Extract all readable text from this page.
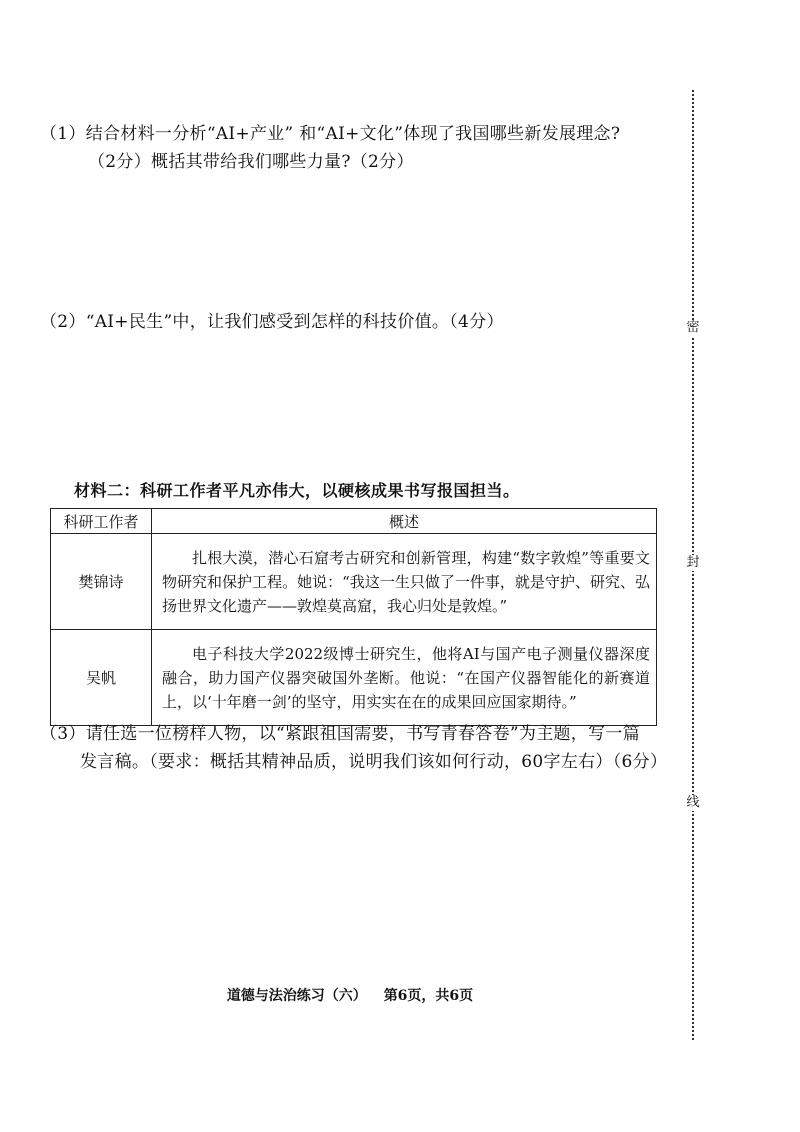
密
封
线
（1）结合材料一分析“AI+产业” 和“AI+文化”体现了我国哪些新发展理念?
（2分）概括其带给我们哪些力量?（2分）
（2）“AI+民生”中，让我们感受到怎样的科技价值。（4分）
材料二：科研工作者平凡亦伟大，以硬核成果书写报国担当。
科研工作者	概述
樊锦诗	扎根大漠，潜心石窟考古研究和创新管理，构建“数字敦煌”等重要文物研究和保护工程。她说：“我这一生只做了一件事，就是守护、研究、弘扬世界文化遗产——敦煌莫高窟，我心归处是敦煌。”
吴帆	电子科技大学2022级博士研究生，他将AI与国产电子测量仪器深度融合，助力国产仪器突破国外垄断。他说：“在国产仪器智能化的新赛道上，以‘十年磨一剑’的坚守，用实实在在的成果回应国家期待。”
（3）请任选一位榜样人物，以“紧跟祖国需要，书写青春答卷”为主题，写一篇
发言稿。（要求：概括其精神品质，说明我们该如何行动，60字左右）（6分）
道德与法治练习（六） 第6页，共6页
